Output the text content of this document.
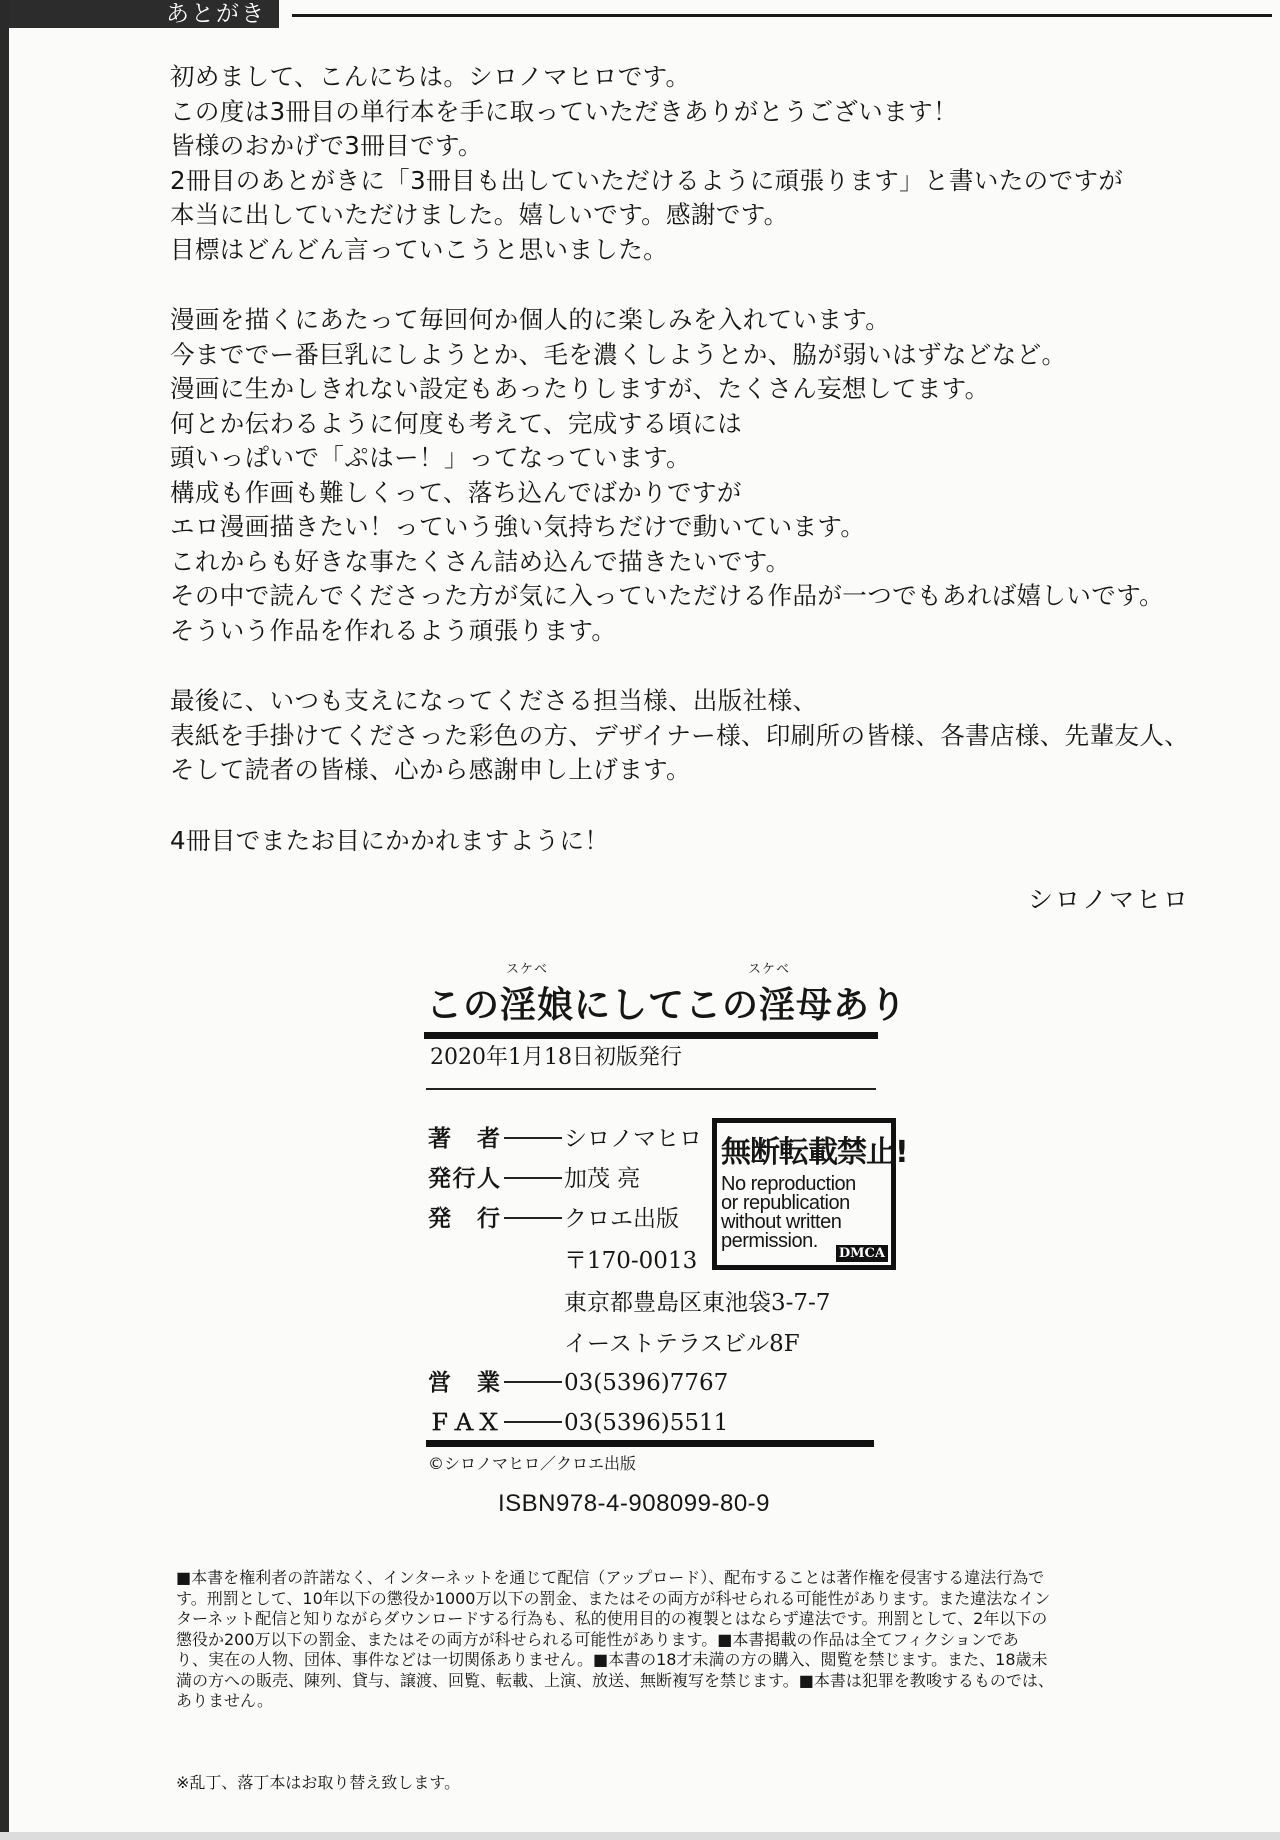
あとがき

初めまして、こんにちは。シロノマヒロです。

この度は3冊目の単行本を手に取っていただきありがとうございます！

皆様のおかげで3冊目です。

2冊目のあとがきに「3冊目も出していただけるように頑張ります」と書いたのですが

本当に出していただけました。嬉しいです。感謝です。

目標はどんどん言っていこうと思いました。

漫画を描くにあたって毎回何か個人的に楽しみを入れています。

今まででー番巨乳にしようとか、毛を濃くしようとか、脇が弱いはずなどなど。

漫画に生かしきれない設定もあったりしますが、たくさん妄想してます。

何とか伝わるように何度も考えて、完成する頃には

頭いっぱいで「ぷはー！」ってなっています。

構成も作画も難しくって、落ち込んでばかりですが

エロ漫画描きたい！っていう強い気持ちだけで動いています。

これからも好きな事たくさん詰め込んで描きたいです。

その中で読んでくださった方が気に入っていただける作品が一つでもあれば嬉しいです。

そういう作品を作れるよう頑張ります。

最後に、いつも支えになってくださる担当様、出版社様、

表紙を手掛けてくださった彩色の方、デザイナー様、印刷所の皆様、各書店様、先輩友人、

そして読者の皆様、心から感謝申し上げます。

4冊目でまたお目にかかれますように！

シロノマヒロ
スケベ	スケベ
この淫娘にしてこの淫母あり
2020年1月18日初版発行
著　者	シロノマヒロ
発行人	加茂 亮
発　行	クロエ出版
〒170-0013
東京都豊島区東池袋3-7-7
イーストテラスビル8F
営　業	03(5396)7767
ＦＡＸ	03(5396)5511
©シロノマヒロ／クロエ出版
ISBN978-4-908099-80-9
無断転載禁止!
No reproduction
or republication
without written
permission.
DMCA

■本書を権利者の許諾なく、インターネットを通じて配信（アップロード）、配布することは著作権を侵害する違法行為で

す。刑罰として、10年以下の懲役か1000万以下の罰金、またはその両方が科せられる可能性があります。また違法なイン

ターネット配信と知りながらダウンロードする行為も、私的使用目的の複製とはならず違法です。刑罰として、2年以下の

懲役か200万以下の罰金、またはその両方が科せられる可能性があります。■本書掲載の作品は全てフィクションであ

り、実在の人物、団体、事件などは一切関係ありません。■本書の18才未満の方の購入、閲覧を禁じます。また、18歳未

満の方への販売、陳列、貸与、譲渡、回覧、転載、上演、放送、無断複写を禁じます。■本書は犯罪を教唆するものでは、

ありません。

※乱丁、落丁本はお取り替え致します。
